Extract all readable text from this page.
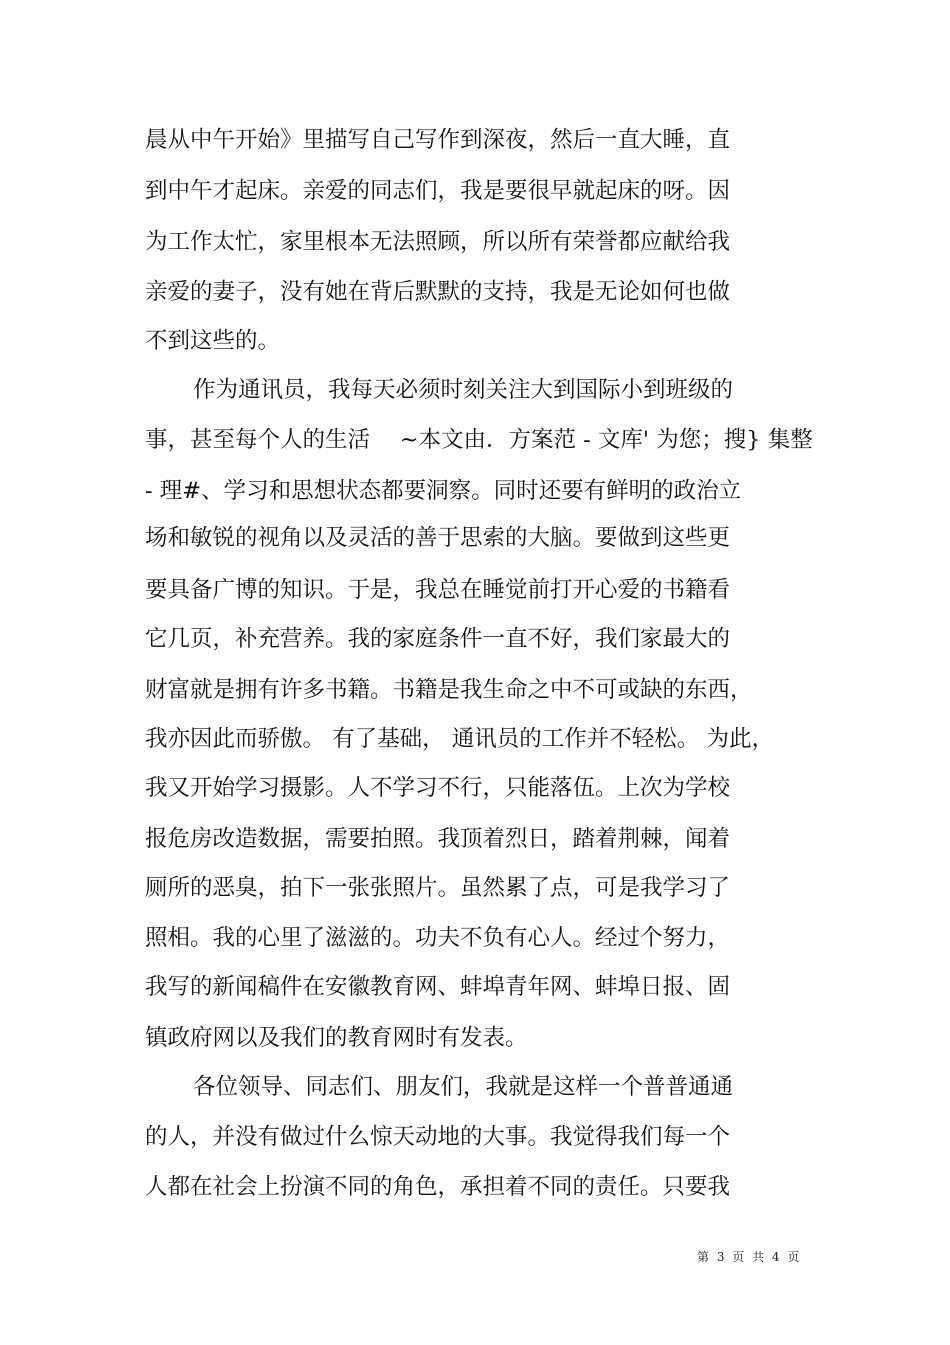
晨从中午开始》里描写自己写作到深夜，然后一直大睡，直
到中午才起床。亲爱的同志们，我是要很早就起床的呀。因
为工作太忙，家里根本无法照顾，所以所有荣誉都应献给我
亲爱的妻子，没有她在背后默默的支持，我是无论如何也做
不到这些的。
作为通讯员，我每天必须时刻关注大到国际小到班级的
事，甚至每个人的生活　 ~本文由．方案范 - 文库' 为您；搜} 集整
- 理#、学习和思想状态都要洞察。同时还要有鲜明的政治立
场和敏锐的视角以及灵活的善于思索的大脑。要做到这些更
要具备广博的知识。于是，我总在睡觉前打开心爱的书籍看
它几页，补充营养。我的家庭条件一直不好，我们家最大的
财富就是拥有许多书籍。书籍是我生命之中不可或缺的东西，
我亦因此而骄傲。 有了基础， 通讯员的工作并不轻松。 为此，
我又开始学习摄影。人不学习不行，只能落伍。上次为学校
报危房改造数据，需要拍照。我顶着烈日，踏着荆棘，闻着
厕所的恶臭，拍下一张张照片。虽然累了点，可是我学习了
照相。我的心里了滋滋的。功夫不负有心人。经过个努力，
我写的新闻稿件在安徽教育网、蚌埠青年网、蚌埠日报、固
镇政府网以及我们的教育网时有发表。
各位领导、同志们、朋友们，我就是这样一个普普通通
的人，并没有做过什么惊天动地的大事。我觉得我们每一个
人都在社会上扮演不同的角色，承担着不同的责任。只要我
第 3 页 共 4 页
